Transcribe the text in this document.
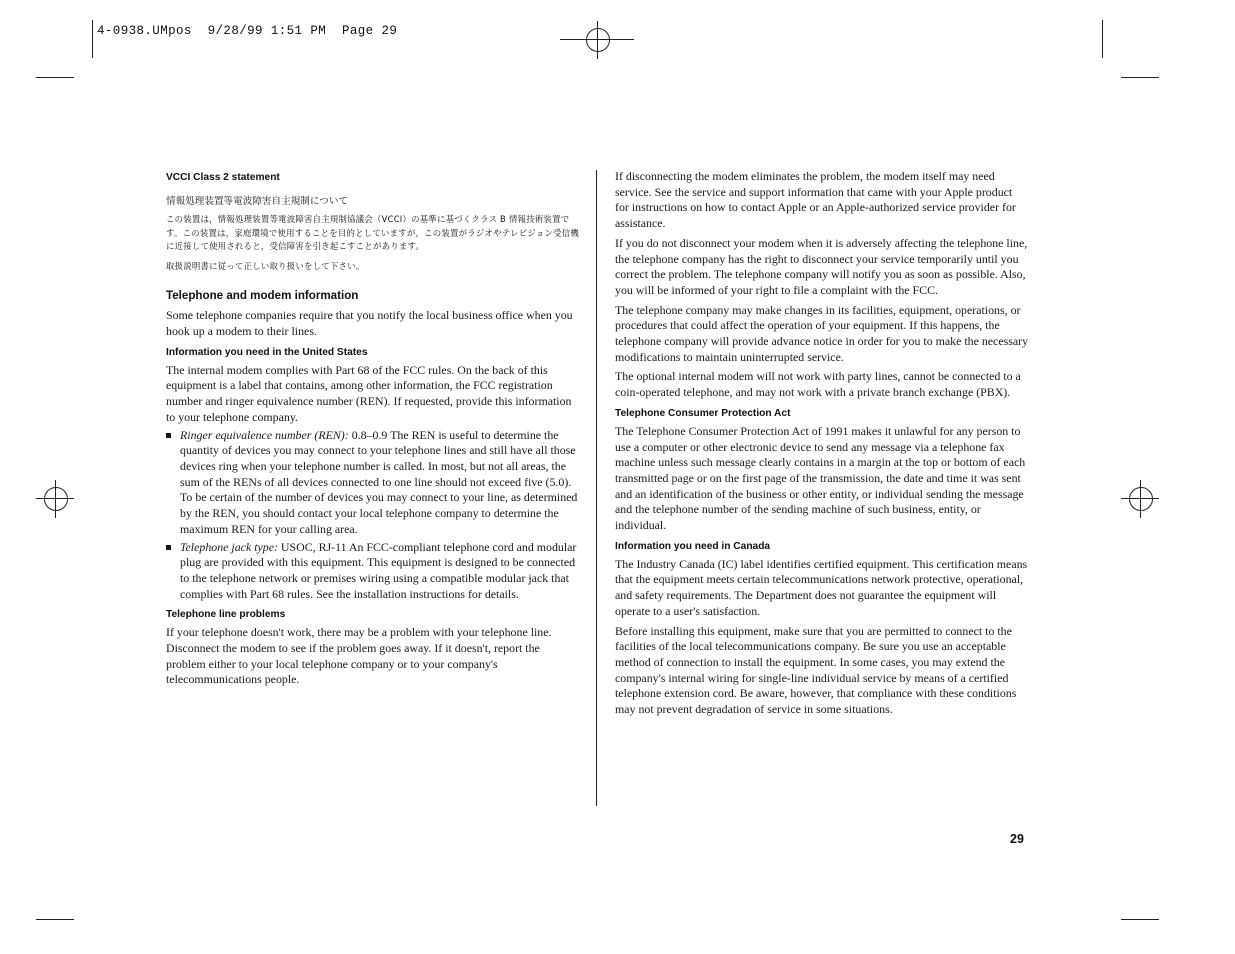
4-0938.UMpos  9/28/99 1:51 PM  Page 29

VCCI Class 2 statement

情報処理装置等電波障害自主規制について

この装置は，情報処理装置等電波障害自主規制協議会（VCCI）の基準に基づくクラス B 情報技術装置です。この装置は，家庭環境で使用することを目的としていますが，この装置がラジオやテレビジョン受信機に近接して使用されると，受信障害を引き起こすことがあります。

取扱説明書に従って正しい取り扱いをして下さい。

Telephone and modem information

Some telephone companies require that you notify the local business office when you hook up a modem to their lines.

Information you need in the United States

The internal modem complies with Part 68 of the FCC rules. On the back of this equipment is a label that contains, among other information, the FCC registration number and ringer equivalence number (REN). If requested, provide this information to your telephone company.

Ringer equivalence number (REN): 0.8–0.9 The REN is useful to determine the quantity of devices you may connect to your telephone lines and still have all those devices ring when your telephone number is called. In most, but not all areas, the sum of the RENs of all devices connected to one line should not exceed five (5.0). To be certain of the number of devices you may connect to your line, as determined by the REN, you should contact your local telephone company to determine the maximum REN for your calling area.
Telephone jack type: USOC, RJ-11 An FCC-compliant telephone cord and modular plug are provided with this equipment. This equipment is designed to be connected to the telephone network or premises wiring using a compatible modular jack that complies with Part 68 rules. See the installation instructions for details.

Telephone line problems

If your telephone doesn't work, there may be a problem with your telephone line. Disconnect the modem to see if the problem goes away. If it doesn't, report the problem either to your local telephone company or to your company's telecommunications people.

If disconnecting the modem eliminates the problem, the modem itself may need service. See the service and support information that came with your Apple product for instructions on how to contact Apple or an Apple-authorized service provider for assistance.

If you do not disconnect your modem when it is adversely affecting the telephone line, the telephone company has the right to disconnect your service temporarily until you correct the problem. The telephone company will notify you as soon as possible. Also, you will be informed of your right to file a complaint with the FCC.

The telephone company may make changes in its facilities, equipment, operations, or procedures that could affect the operation of your equipment. If this happens, the telephone company will provide advance notice in order for you to make the necessary modifications to maintain uninterrupted service.

The optional internal modem will not work with party lines, cannot be connected to a coin-operated telephone, and may not work with a private branch exchange (PBX).

Telephone Consumer Protection Act

The Telephone Consumer Protection Act of 1991 makes it unlawful for any person to use a computer or other electronic device to send any message via a telephone fax machine unless such message clearly contains in a margin at the top or bottom of each transmitted page or on the first page of the transmission, the date and time it was sent and an identification of the business or other entity, or individual sending the message and the telephone number of the sending machine of such business, entity, or individual.

Information you need in Canada

The Industry Canada (IC) label identifies certified equipment. This certification means that the equipment meets certain telecommunications network protective, operational, and safety requirements. The Department does not guarantee the equipment will operate to a user's satisfaction.

Before installing this equipment, make sure that you are permitted to connect to the facilities of the local telecommunications company. Be sure you use an acceptable method of connection to install the equipment. In some cases, you may extend the company's internal wiring for single-line individual service by means of a certified telephone extension cord. Be aware, however, that compliance with these conditions may not prevent degradation of service in some situations.

29
